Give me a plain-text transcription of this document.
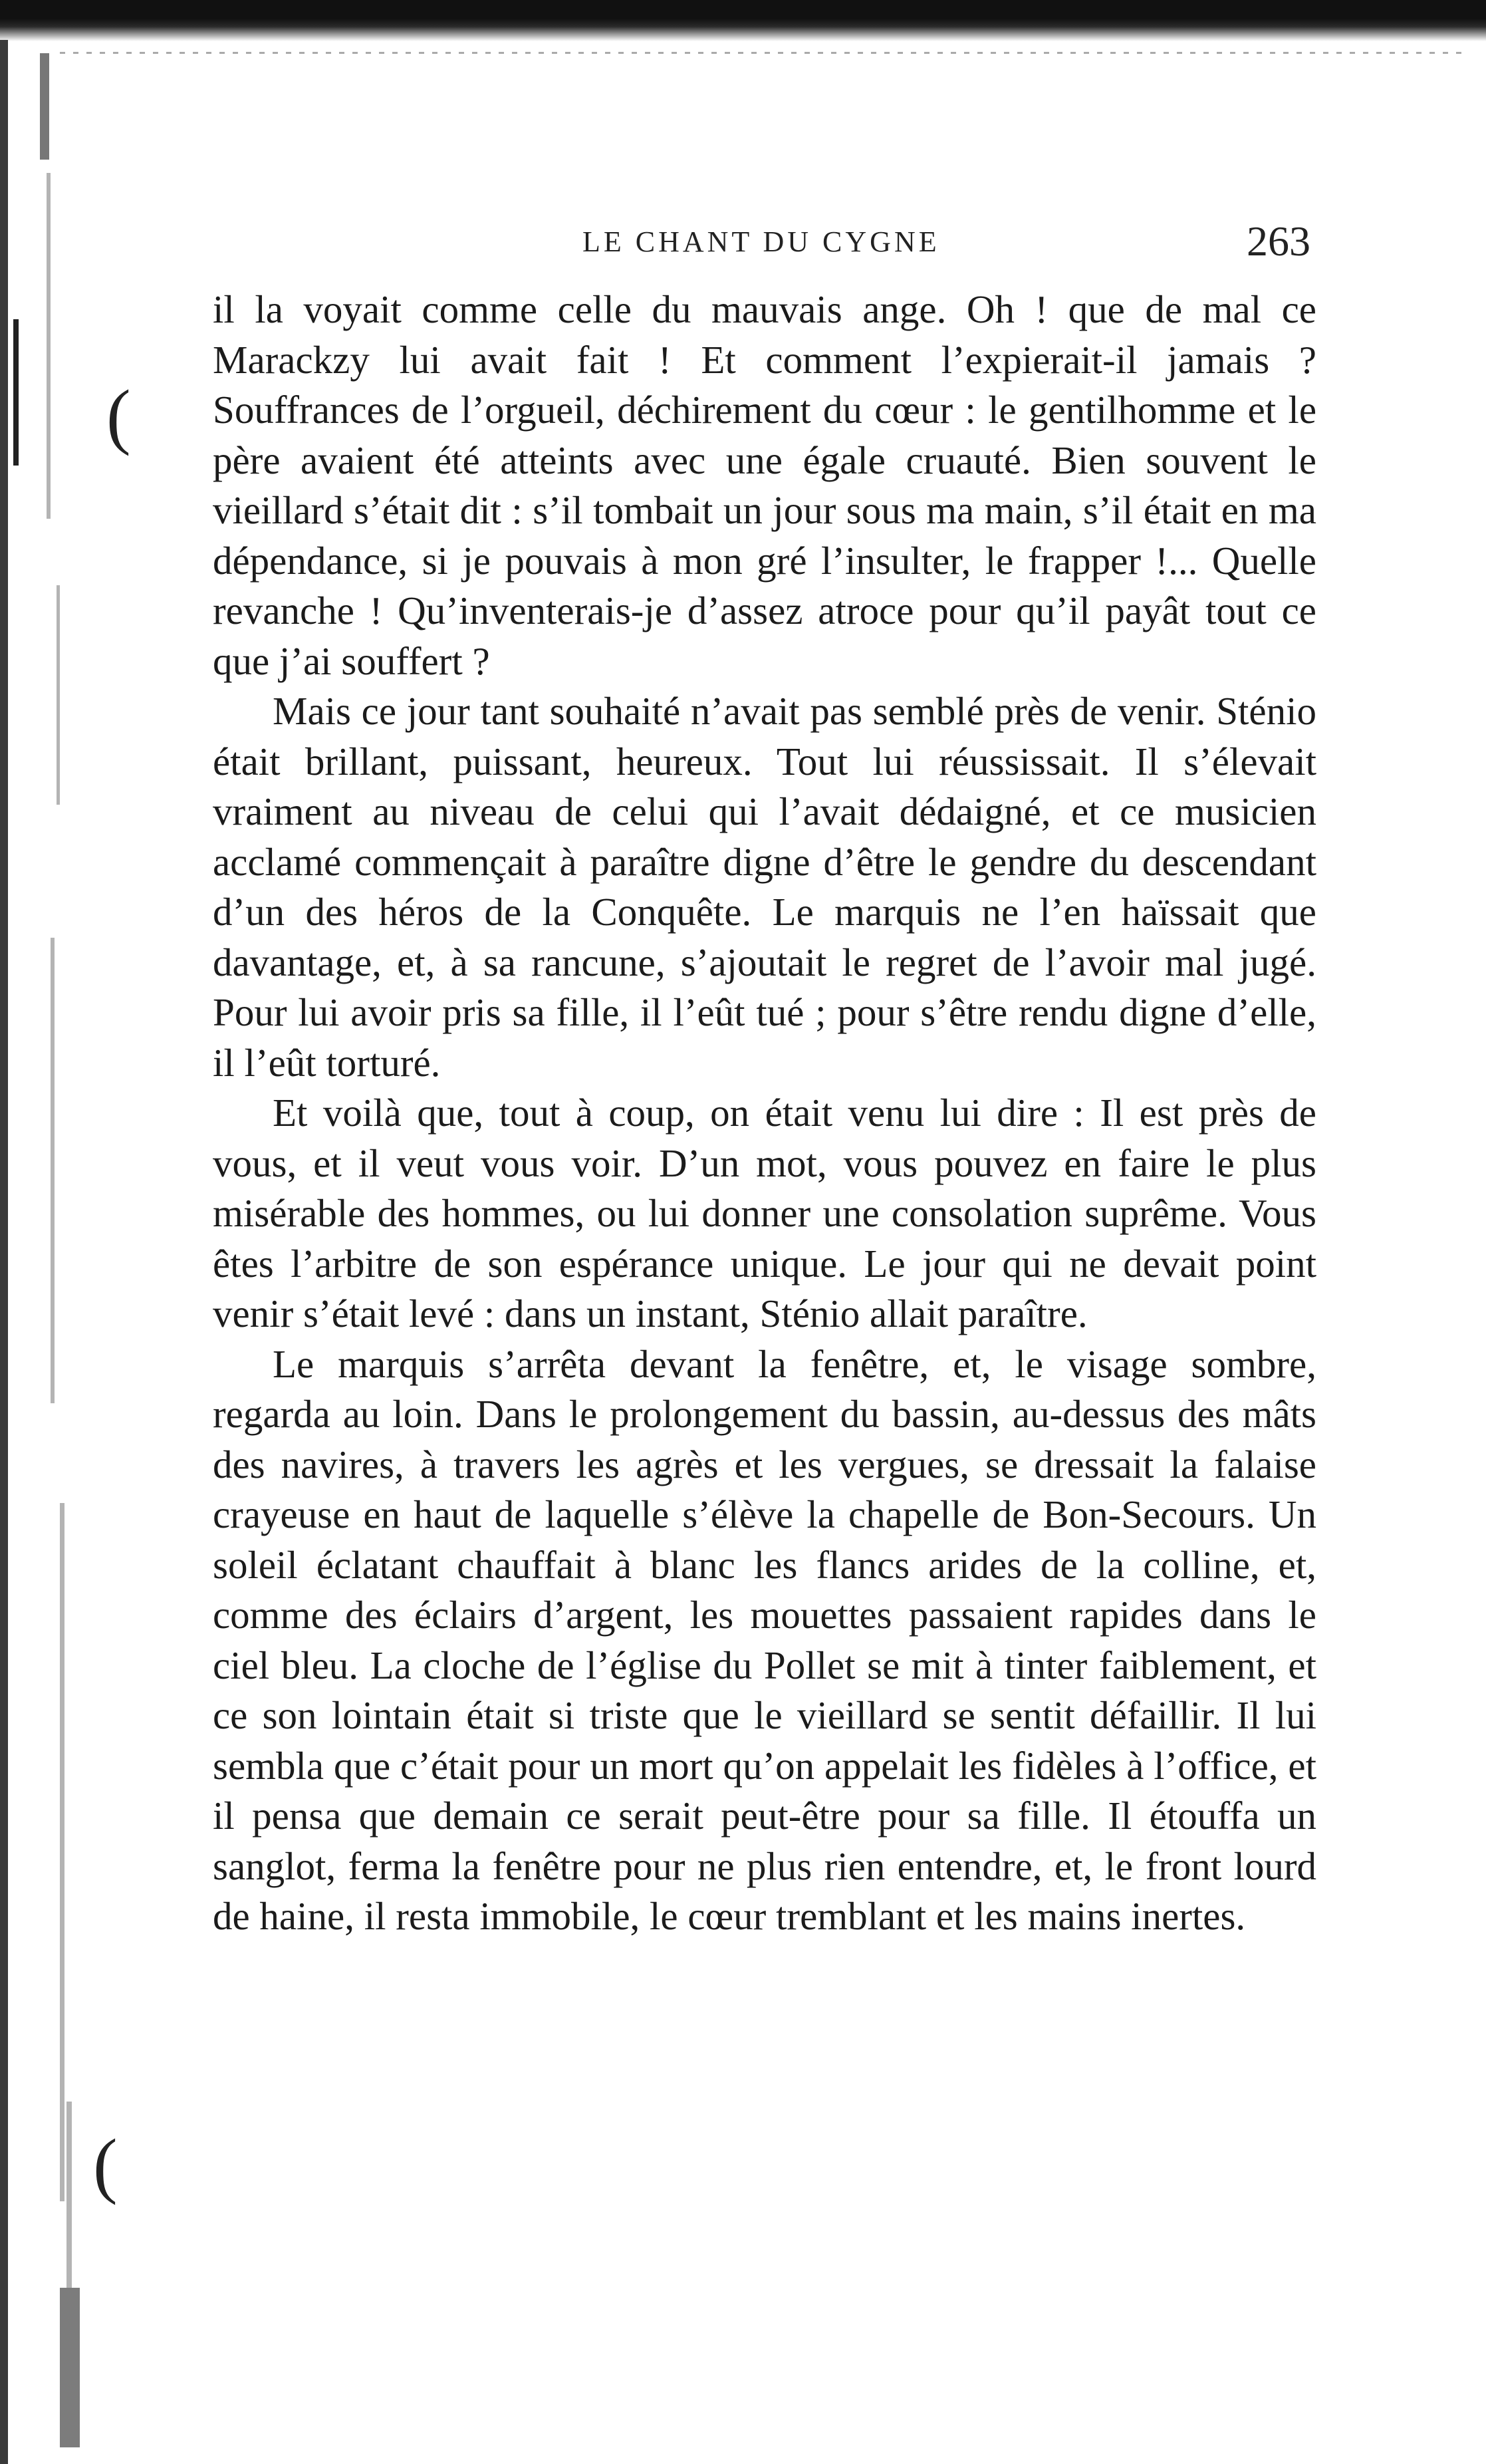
(
(
LE CHANT DU CYGNE	263

il la voyait comme celle du mauvais ange. Oh ! que de mal ce Marackzy lui avait fait ! Et comment l’expierait-il jamais ? Souffrances de l’orgueil, déchirement du cœur : le gentilhomme et le père avaient été atteints avec une égale cruauté. Bien souvent le vieillard s’était dit : s’il tombait un jour sous ma main, s’il était en ma dépendance, si je pouvais à mon gré l’insulter, le frapper !... Quelle revanche ! Qu’inventerais-je d’assez atroce pour qu’il payât tout ce que j’ai souffert ?

Mais ce jour tant souhaité n’avait pas semblé près de venir. Sténio était brillant, puissant, heureux. Tout lui réussissait. Il s’élevait vraiment au niveau de celui qui l’avait dédaigné, et ce musicien acclamé commençait à paraître digne d’être le gendre du descendant d’un des héros de la Conquête. Le marquis ne l’en haïssait que davantage, et, à sa rancune, s’ajoutait le regret de l’avoir mal jugé. Pour lui avoir pris sa fille, il l’eût tué ; pour s’être rendu digne d’elle, il l’eût torturé.

Et voilà que, tout à coup, on était venu lui dire : Il est près de vous, et il veut vous voir. D’un mot, vous pouvez en faire le plus misérable des hommes, ou lui donner une consolation suprême. Vous êtes l’arbitre de son espérance unique. Le jour qui ne devait point venir s’était levé : dans un instant, Sténio allait paraître.

Le marquis s’arrêta devant la fenêtre, et, le visage sombre, regarda au loin. Dans le prolongement du bassin, au-dessus des mâts des navires, à travers les agrès et les vergues, se dressait la falaise crayeuse en haut de laquelle s’élève la chapelle de Bon-Secours. Un soleil éclatant chauffait à blanc les flancs arides de la colline, et, comme des éclairs d’argent, les mouettes passaient rapides dans le ciel bleu. La cloche de l’église du Pollet se mit à tinter faiblement, et ce son lointain était si triste que le vieillard se sentit défaillir. Il lui sembla que c’était pour un mort qu’on appelait les fidèles à l’office, et il pensa que demain ce serait peut-être pour sa fille. Il étouffa un sanglot, ferma la fenêtre pour ne plus rien entendre, et, le front lourd de haine, il resta immobile, le cœur tremblant et les mains inertes.
